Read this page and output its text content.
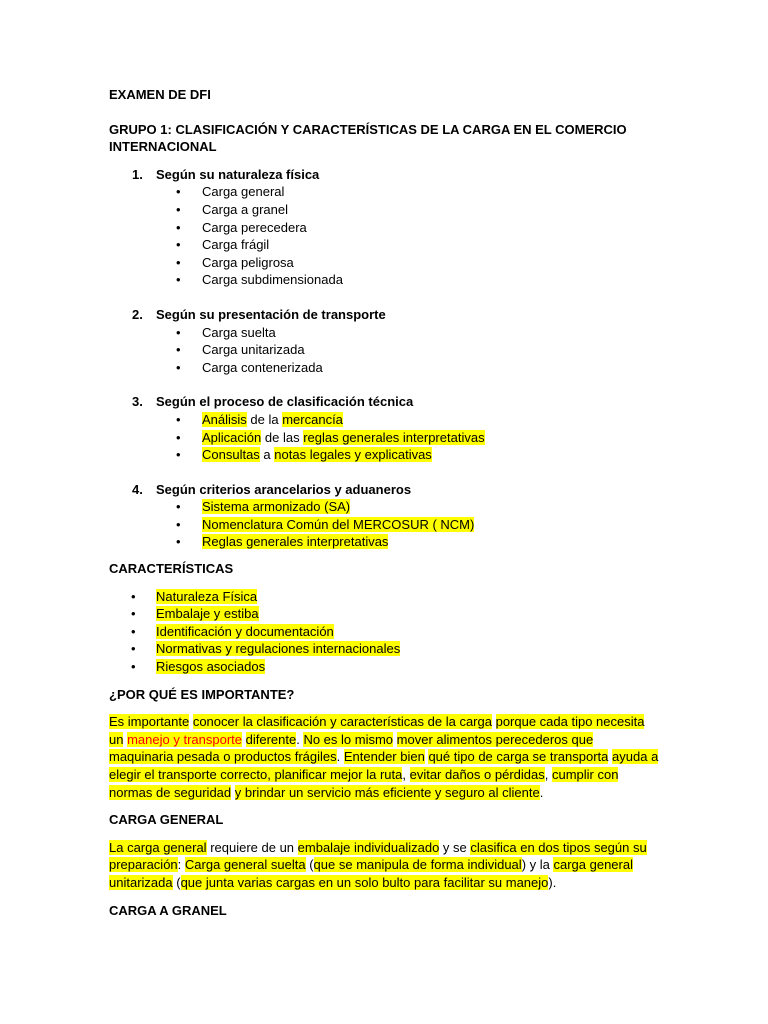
EXAMEN DE DFI

GRUPO 1: CLASIFICACIÓN Y CARACTERÍSTICAS DE LA CARGA EN EL COMERCIO INTERNACIONAL

1.	Según su naturaleza física
• Carga general
• Carga a granel
• Carga perecedera
• Carga frágil
• Carga peligrosa
• Carga subdimensionada
2.	Según su presentación de transporte
• Carga suelta
• Carga unitarizada
• Carga contenerizada
3.	Según el proceso de clasificación técnica
• Análisis de la mercancía
• Aplicación de las reglas generales interpretativas
• Consultas a notas legales y explicativas
4.	Según criterios arancelarios y aduaneros
• Sistema armonizado (SA)
• Nomenclatura Común del MERCOSUR ( NCM)
• Reglas generales interpretativas

CARACTERÍSTICAS

• Naturaleza Física
• Embalaje y estiba
• Identificación y documentación
• Normativas y regulaciones internacionales
• Riesgos asociados

¿POR QUÉ ES IMPORTANTE?

Es importante conocer la clasificación y características de la carga porque cada tipo necesita un manejo y transporte diferente. No es lo mismo mover alimentos perecederos que maquinaria pesada o productos frágiles. Entender bien qué tipo de carga se transporta ayuda a elegir el transporte correcto, planificar mejor la ruta, evitar daños o pérdidas, cumplir con normas de seguridad y brindar un servicio más eficiente y seguro al cliente.

CARGA GENERAL

La carga general requiere de un embalaje individualizado y se clasifica en dos tipos según su preparación: Carga general suelta (que se manipula de forma individual) y la carga general unitarizada (que junta varias cargas en un solo bulto para facilitar su manejo).

CARGA A GRANEL
